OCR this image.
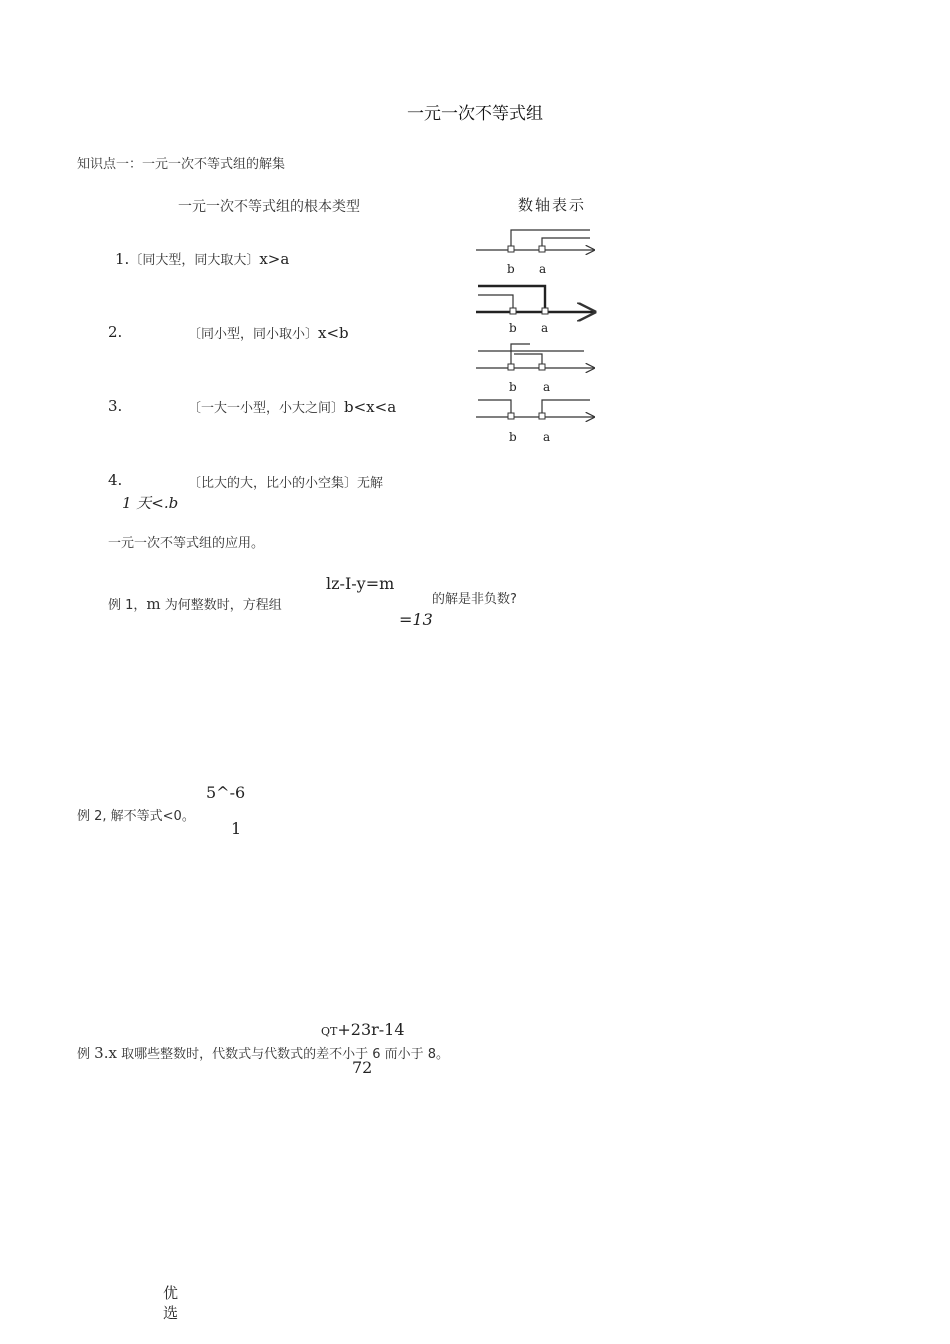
一元一次不等式组
知识点一：一元一次不等式组的解集
一元一次不等式组的根本类型	数轴表示
1.〔同大型，同大取大〕x>a
2.	〔同小型，同小取小〕x<b
3.	〔一大一小型，小大之间〕b<x<a
4.	〔比大的大，比小的小空集〕无解
1 天<.b
b a
b a
b a
b a
一元一次不等式组的应用。
例 1，m 为何整数时，方程组
lz-I-y=m
=13
的解是非负数?
5^-6
例 2, 解不等式<0。
1
QT+23r-14
例 3.x 取哪些整数时，代数式与代数式的差不小于 6 而小于 8。
72
优
选
